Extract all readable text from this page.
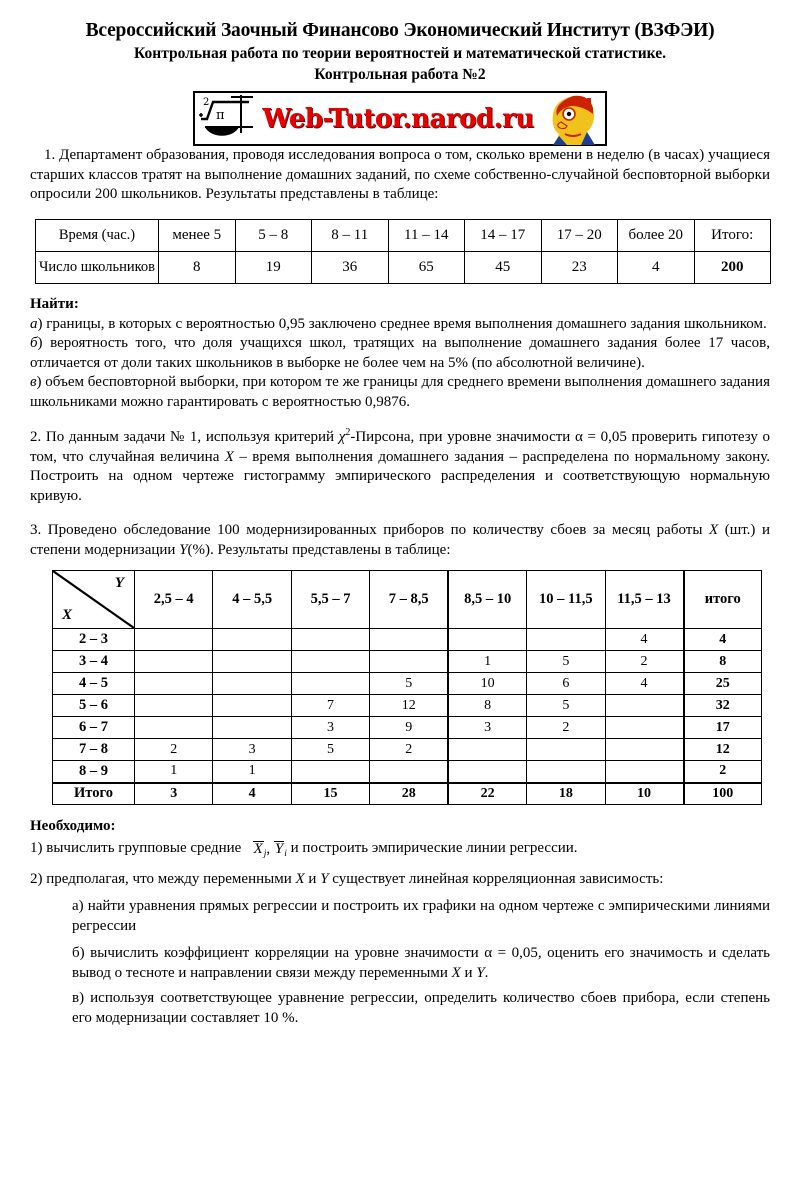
Всероссийский Заочный Финансово Экономический Институт (ВЗФЭИ)
Контрольная работа по теории вероятностей и математической статистике.
Контрольная работа №2
2
π Web-Tutor.narod.ru

1. Департамент образования, проводя исследования вопроса о том, сколько времени в неделю (в часах) учащиеся старших классов тратят на выполнение домашних заданий, по схеме собственно-случайной бесповторной выборки опросили 200 школьников. Результаты представлены в таблице:

Время (час.)	менее 5	5 – 8	8 – 11	11 – 14	14 – 17	17 – 20	более 20	Итого:
Число школьников	8	19	36	65	45	23	4	200
Найти:

а) границы, в которых с вероятностью 0,95 заключено среднее время выполнения домашнего задания школьником.

б) вероятность того, что доля учащихся школ, тратящих на выполнение домашнего задания более 17 часов, отличается от доли таких школьников в выборке не более чем на 5% (по абсолютной величине).

в) объем бесповторной выборки, при котором те же границы для среднего времени выполнения домашнего задания школьниками можно гарантировать с вероятностью 0,9876.

2. По данным задачи № 1, используя критерий $\chi^2$-Пирсона, при уровне значимости α = 0,05 проверить гипотезу о том, что случайная величина X – время выполнения домашнего задания – распределена по нормальному закону. Построить на одном чертеже гистограмму эмпирического распределения и соответствующую нормальную кривую.

3. Проведено обследование 100 модернизированных приборов по количеству сбоев за месяц работы X (шт.) и степени модернизации Y(%). Результаты представлены в таблице:

Y
X	2,5 – 4	4 – 5,5	5,5 – 7	7 – 8,5	8,5 – 10	10 – 11,5	11,5 – 13	итого
2 – 3							4	4
3 – 4					1	5	2	8
4 – 5				5	10	6	4	25
5 – 6			7	12	8	5		32
6 – 7			3	9	3	2		17
7 – 8	2	3	5	2				12
8 – 9	1	1						2
Итого	3	4	15	28	22	18	10	100
Необходимо:

1) вычислить групповые средние $X_j$, $Y_i$ и построить эмпирические линии регрессии.

2) предполагая, что между переменными X и Y существует линейная корреляционная зависимость:

а) найти уравнения прямых регрессии и построить их графики на одном чертеже с эмпирическими линиями регрессии

б) вычислить коэффициент корреляции на уровне значимости α = 0,05, оценить его значимость и сделать вывод о тесноте и направлении связи между переменными X и Y.

в) используя соответствующее уравнение регрессии, определить количество сбоев прибора, если степень его модернизации составляет 10 %.
